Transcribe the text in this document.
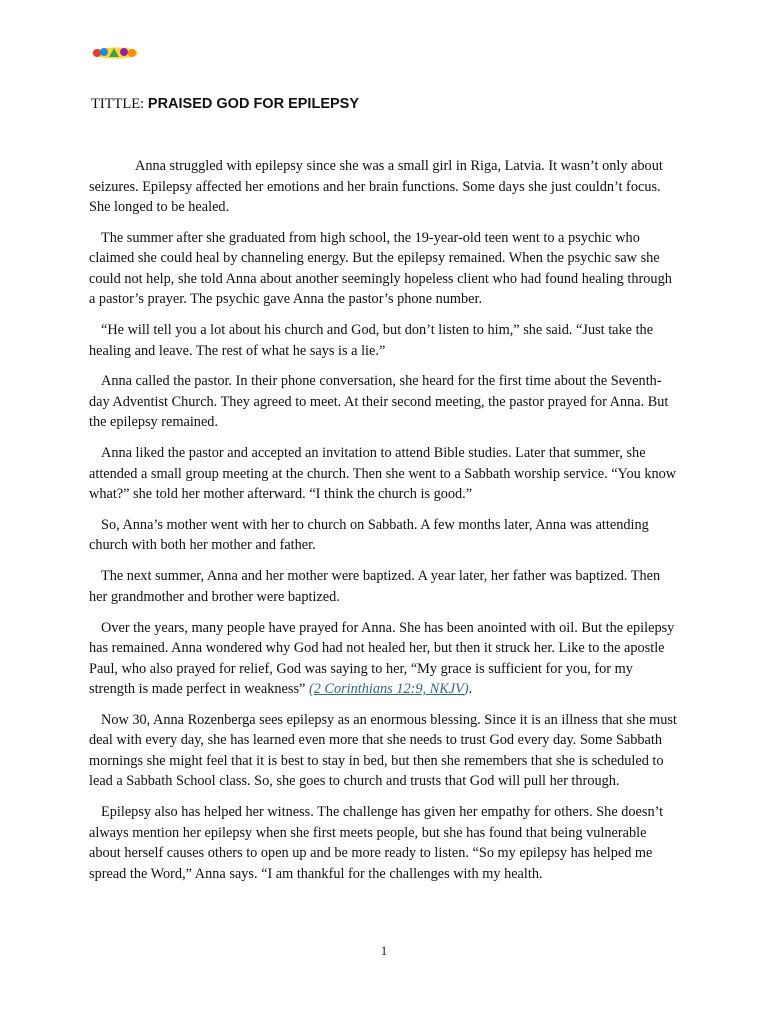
TITTLE: PRAISED GOD FOR EPILEPSY

Anna struggled with epilepsy since she was a small girl in Riga, Latvia. It wasn’t only about seizures. Epilepsy affected her emotions and her brain functions. Some days she just couldn’t focus. She longed to be healed.

The summer after she graduated from high school, the 19-year-old teen went to a psychic who claimed she could heal by channeling energy. But the epilepsy remained. When the psychic saw she could not help, she told Anna about another seemingly hopeless client who had found healing through a pastor’s prayer. The psychic gave Anna the pastor’s phone number.

“He will tell you a lot about his church and God, but don’t listen to him,” she said. “Just take the healing and leave. The rest of what he says is a lie.”

Anna called the pastor. In their phone conversation, she heard for the first time about the Seventh-day Adventist Church. They agreed to meet. At their second meeting, the pastor prayed for Anna. But the epilepsy remained.

Anna liked the pastor and accepted an invitation to attend Bible studies. Later that summer, she attended a small group meeting at the church. Then she went to a Sabbath worship service. “You know what?” she told her mother afterward. “I think the church is good.”

So, Anna’s mother went with her to church on Sabbath. A few months later, Anna was attending church with both her mother and father.

The next summer, Anna and her mother were baptized. A year later, her father was baptized. Then her grandmother and brother were baptized.

Over the years, many people have prayed for Anna. She has been anointed with oil. But the epilepsy has remained. Anna wondered why God had not healed her, but then it struck her. Like to the apostle Paul, who also prayed for relief, God was saying to her, “My grace is sufficient for you, for my strength is made perfect in weakness” (2 Corinthians 12:9, NKJV).

Now 30, Anna Rozenberga sees epilepsy as an enormous blessing. Since it is an illness that she must deal with every day, she has learned even more that she needs to trust God every day. Some Sabbath mornings she might feel that it is best to stay in bed, but then she remembers that she is scheduled to lead a Sabbath School class. So, she goes to church and trusts that God will pull her through.

Epilepsy also has helped her witness. The challenge has given her empathy for others. She doesn’t always mention her epilepsy when she first meets people, but she has found that being vulnerable about herself causes others to open up and be more ready to listen. “So my epilepsy has helped me spread the Word,” Anna says. “I am thankful for the challenges with my health.

1
